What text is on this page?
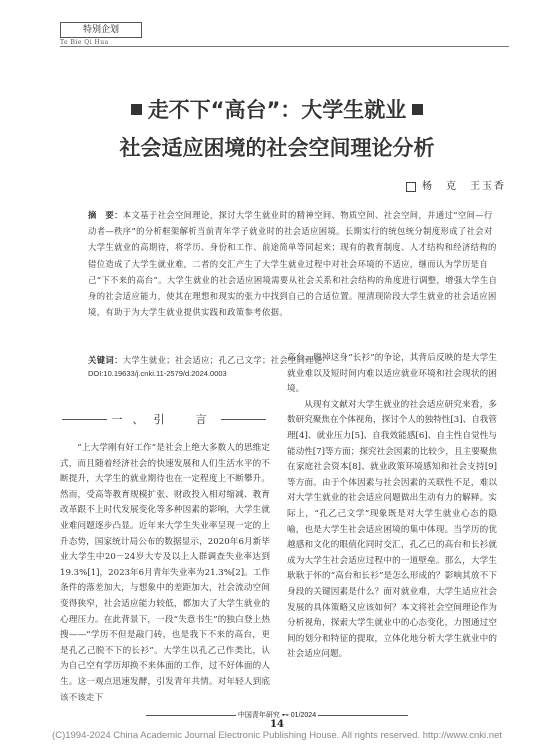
特别企划
Te Bie Qi Hua
走不下“高台”：大学生就业
社会适应困境的社会空间理论分析
杨　克　王玉香
摘　要：本文基于社会空间理论，探讨大学生就业时的精神空间、物质空间、社会空间，并通过“空间—行动者—秩序”的分析框架解析当前青年学子就业时的社会适应困境。长期实行的统包统分制度形成了社会对大学生就业的高期待，将学历、身份和工作、前途简单等同起来；现有的教育制度、人才结构和经济结构的错位造成了大学生就业难，二者的交汇产生了大学生就业过程中对社会环境的不适应，继而认为学历是自己“下不来的高台”。大学生就业的社会适应困境需要从社会关系和社会结构的角度进行调整，增强大学生自身的社会适应能力，使其在理想和现实的张力中找到自己的合适位置。厘清现阶段大学生就业的社会适应困境，有助于为大学生就业提供实践和政策参考依据。
关键词：大学生就业；社会适应；孔乙己文学；社会空间理论
DOI:10.19633/j.cnki.11-2579/d.2024.0003
一、引　言

“上大学刚有好工作”是社会上绝大多数人的思维定式，而且随着经济社会的快速发展和人们生活水平的不断提升，大学生的就业期待也在一定程度上不断攀升。然而，受高等教育规模扩张、财政投入相对缩减、教育改革跟不上时代发展变化等多种因素的影响，大学生就业难问题逐步凸显。近年来大学生失业率呈现一定的上升态势，国家统计局公布的数据显示，2020年6月新毕业大学生中20－24岁大专及以上人群调查失业率达到19.3%[1]，2023年6月青年失业率为21.3%[2]。工作条件的落差加大，与想象中的差距加大，社会流动空间变得狭窄，社会适应能力较低，都加大了大学生就业的心理压力。在此背景下，一段“失意书生”的独白登上热搜——“学历不但是敲门砖，也是我下不来的高台，更是孔乙己脱不下的长衫”。大学生以孔乙己作类比，认为自己空有学历却换不来体面的工作，过不好体面的人生。这一观点迅速发酵，引发青年共情。对年轻人到底该不该走下

高台、脱掉这身“长衫”的争论，其背后反映的是大学生就业难以及短时间内难以适应就业环境和社会现状的困境。

从现有文献对大学生就业的社会适应研究来看，多数研究聚焦在个体视角，探讨个人的独特性[3]、自我管理[4]、就业压力[5]、自我效能感[6]、自主性自觉性与能动性[7]等方面；探究社会因素的比较少，且主要聚焦在家庭社会资本[8]、就业政策环境感知和社会支持[9]等方面。由于个体因素与社会因素的关联性不足，难以对大学生就业的社会适应问题做出生动有力的解释。实际上，“孔乙己文学”现象既是对大学生就业心态的隐喻，也是大学生社会适应困境的集中体现。当学历的优越感和文化的眼值化同时交汇，孔乙已的高台和长衫就成为大学生社会适应过程中的一道壁垒。那么，大学生耿耿于怀的“高台和长衫”是怎么形成的？影响其放不下身段的关键因素是什么？面对就业难，大学生适应社会发展的具体策略又应该如何？本文将社会空间理论作为分析视角，探索大学生就业中的心态变化，力图通过空间的划分和特征的提取，立体化地分析大学生就业中的社会适应问题。

中国青年研究 ⊷ 01/2024
14
(C)1994-2024 China Academic Journal Electronic Publishing House. All rights reserved. http://www.cnki.net
